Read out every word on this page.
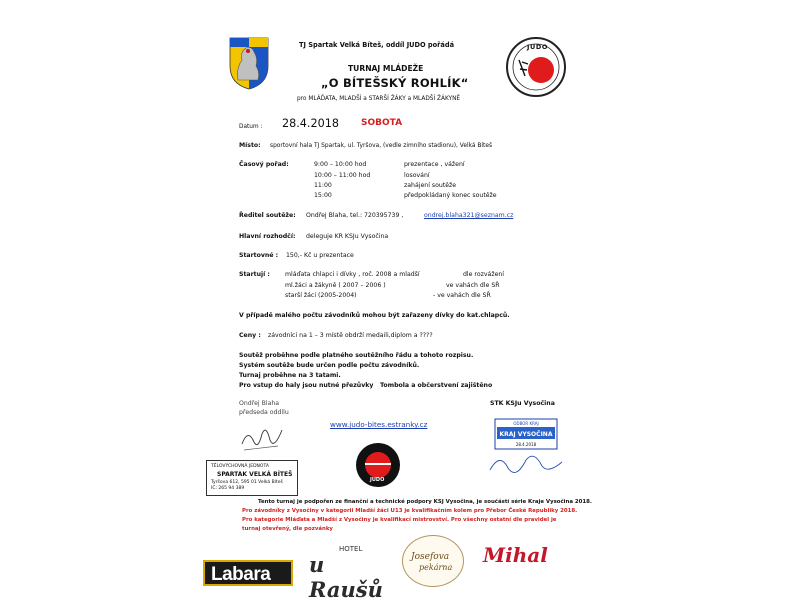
TJ Spartak Velká Bíteš, oddíl JUDO pořádá
TURNAJ MLÁDEŽE
„O BÍTEŠSKÝ ROHLÍK“
pro MLÁĎATA, MLADŠÍ a STARŠÍ ŽÁKY a MLADŠÍ ŽÁKYNĚ
JUDO
Datum : 28.4.2018 SOBOTA
Místo: sportovní hala TJ Spartak, ul. Tyršova, (vedle zimního stadionu), Velká Bíteš
Časový pořad:	9:00 – 10:00 hod	prezentace , vážení
10:00 – 11:00 hod	losování
11:00	zahájení soutěže
15:00	předpokládaný konec soutěže
Ředitel soutěže: Ondřej Blaha, tel.: 720395739 ,	ondrej.blaha321@seznam.cz
Hlavní rozhodčí: deleguje KR KSJu Vysočina
Startovné : 150,- Kč u prezentace
Startují : mláďata chlapci i dívky , roč. 2008 a mladší	dle rozvážení
ml.žáci a žákyně ( 2007 – 2006 )	ve vahách dle SŘ
starší žáci (2005-2004)	- ve vahách dle SŘ
V případě malého počtu závodníků mohou být zařazeny dívky do kat.chlapců.
Ceny : závodníci na 1 – 3 místě obdrží medaili,diplom a ????
Soutěž proběhne podle platného soutěžního řádu a tohoto rozpisu.
Systém soutěže bude určen podle počtu závodníků.
Turnaj proběhne na 3 tatami.
Pro vstup do haly jsou nutné přezůvky Tombola a občerstvení zajištěno
Ondřej Blaha
předseda oddílu
STK KSJu Vysočina
www.judo-bites.estranky.cz
JUDO
TĚLOVÝCHOVNÁ JEDNOTA
SPARTAK VELKÁ BÍTEŠ
Tyršova 612, 595 01 Velká Bíteš
IČ: 265 94 389
ODBOR KRAJ
KRAJ VYSOČINA
28.4.2018
Tento turnaj je podpořen ze finanční a technické podpory KSJ Vysočina, je součástí série Kraje Vysočina 2018.
Pro závodníky z Vysočiny v kategorii Mladší žáci U13 je kvalifikačním kolem pro Přebor České Republiky 2018.
Pro kategorie Mláďata a Mladší z Vysočiny je kvalifikací mistrovství. Pro všechny ostatní dle pravidel je
turnaj otevřený, dle pozvánky
Labara
HOTEL
u Raušů
Josefova
pekárna
Mihal
